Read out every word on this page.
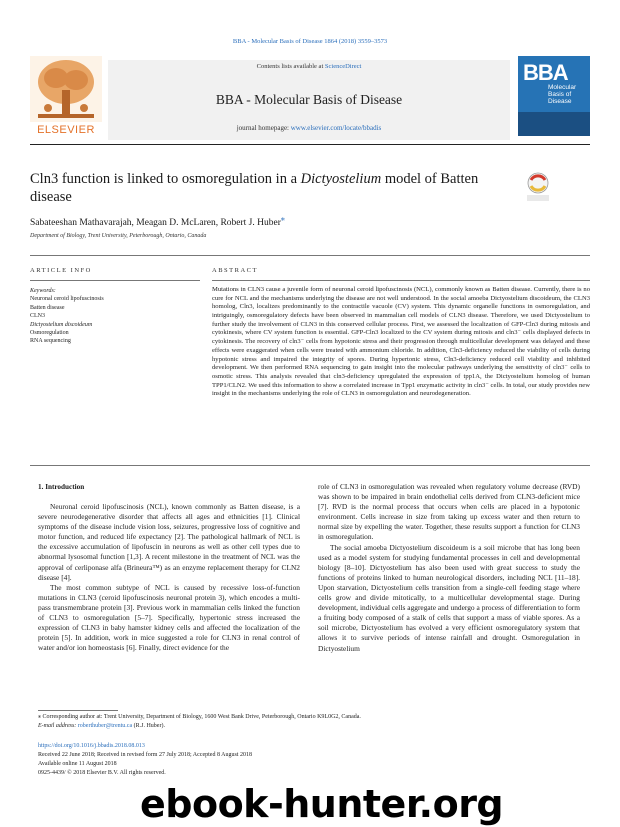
BBA - Molecular Basis of Disease 1864 (2018) 3559–3573
ELSEVIER
Contents lists available at ScienceDirect
BBA - Molecular Basis of Disease
journal homepage: www.elsevier.com/locate/bbadis
BBA
Molecular Basis of Disease
Cln3 function is linked to osmoregulation in a Dictyostelium model of Batten disease
Sabateeshan Mathavarajah, Meagan D. McLaren, Robert J. Huber⁎
Department of Biology, Trent University, Peterborough, Ontario, Canada
ARTICLE INFO	ABSTRACT
Keywords:
Neuronal ceroid lipofuscinosis
Batten disease
CLN3
Dictyostelium discoideum
Osmoregulation
RNA sequencing
Mutations in CLN3 cause a juvenile form of neuronal ceroid lipofuscinosis (NCL), commonly known as Batten disease. Currently, there is no cure for NCL and the mechanisms underlying the disease are not well understood. In the social amoeba Dictyostelium discoideum, the CLN3 homolog, Cln3, localizes predominantly to the contractile vacuole (CV) system. This dynamic organelle functions in osmoregulation, and intriguingly, osmoregulatory defects have been observed in mammalian cell models of CLN3 disease. Therefore, we used Dictyostelium to further study the involvement of CLN3 in this conserved cellular process. First, we assessed the localization of GFP-Cln3 during mitosis and cytokinesis, where CV system function is essential. GFP-Cln3 localized to the CV system during mitosis and cln3⁻ cells displayed defects in cytokinesis. The recovery of cln3⁻ cells from hypotonic stress and their progression through multicellular development was delayed and these effects were exaggerated when cells were treated with ammonium chloride. In addition, Cln3-deficiency reduced the viability of cells during hypotonic stress and impaired the integrity of spores. During hypertonic stress, Cln3-deficiency reduced cell viability and inhibited development. We then performed RNA sequencing to gain insight into the molecular pathways underlying the sensitivity of cln3⁻ cells to osmotic stress. This analysis revealed that cln3-deficiency upregulated the expression of tpp1A, the Dictyostelium homolog of human TPP1/CLN2. We used this information to show a correlated increase in Tpp1 enzymatic activity in cln3⁻ cells. In total, our study provides new insight in the mechanisms underlying the role of CLN3 in osmoregulation and neurodegeneration.
1. Introduction

Neuronal ceroid lipofuscinosis (NCL), known commonly as Batten disease, is a severe neurodegenerative disorder that affects all ages and ethnicities [1]. Clinical symptoms of the disease include vision loss, seizures, progressive loss of cognitive and motor function, and reduced life expectancy [2]. The pathological hallmark of NCL is the excessive accumulation of lipofuscin in neurons as well as other cell types due to abnormal lysosomal function [1,3]. A recent milestone in the treatment of NCL was the approval of cerliponase alfa (Brineura™) as an enzyme replacement therapy for CLN2 disease [4].

The most common subtype of NCL is caused by recessive loss-of-function mutations in CLN3 (ceroid lipofuscinosis neuronal protein 3), which encodes a multi-pass transmembrane protein [3]. Previous work in mammalian cells linked the function of CLN3 to osmoregulation [5–7]. Specifically, hypertonic stress increased the expression of CLN3 in baby hamster kidney cells and affected the localization of the protein [5]. In addition, work in mice suggested a role for CLN3 in renal control of water and/or ion homeostasis [6]. Finally, direct evidence for the

role of CLN3 in osmoregulation was revealed when regulatory volume decrease (RVD) was shown to be impaired in brain endothelial cells derived from CLN3-deficient mice [7]. RVD is the normal process that occurs when cells are placed in a hypotonic environment. Cells increase in size from taking up excess water and then return to normal size by expelling the water. Together, these results support a function for CLN3 in osmoregulation.

The social amoeba Dictyostelium discoideum is a soil microbe that has long been used as a model system for studying fundamental processes in cell and developmental biology [8–10]. Dictyostelium has also been used with great success to study the functions of proteins linked to human neurological disorders, including NCL [11–18]. Upon starvation, Dictyostelium cells transition from a single-cell feeding stage where cells grow and divide mitotically, to a multicellular developmental stage. During development, individual cells aggregate and undergo a process of differentiation to form a fruiting body composed of a stalk of cells that support a mass of viable spores. As a soil microbe, Dictyostelium has evolved a very efficient osmoregulatory system that allows it to survive periods of intense rainfall and drought. Osmoregulation in Dictyostelium

⁎ Corresponding author at: Trent University, Department of Biology, 1600 West Bank Drive, Peterborough, Ontario K9L0G2, Canada.
E-mail address: roberthuber@trentu.ca (R.J. Huber).
https://doi.org/10.1016/j.bbadis.2018.08.013
Received 22 June 2018; Received in revised form 27 July 2018; Accepted 8 August 2018
Available online 11 August 2018
0925-4439/ © 2018 Elsevier B.V. All rights reserved.
ebook-hunter.org
